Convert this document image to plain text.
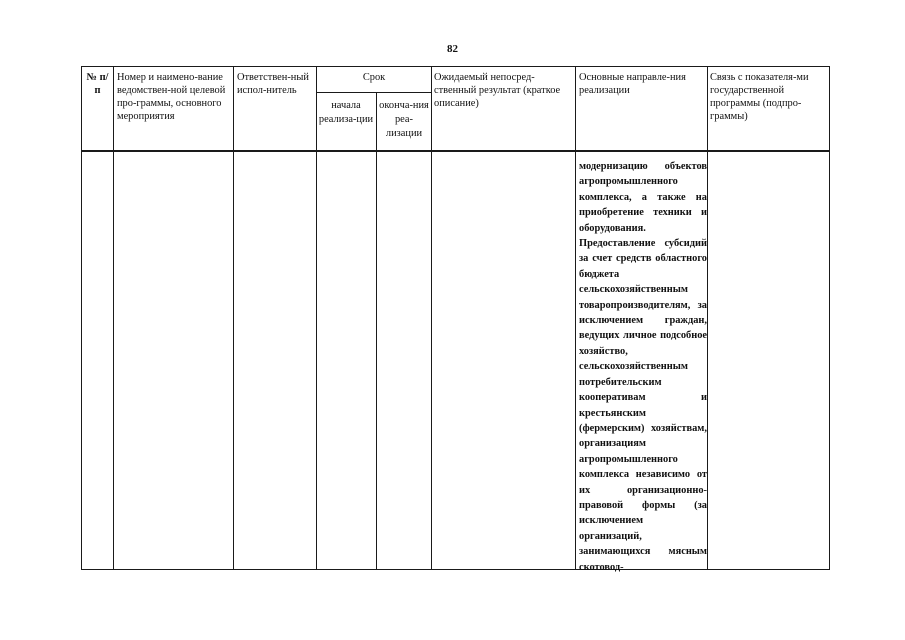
82
№ п/п
Номер и наимено-вание ведомствен-ной целевой про-граммы, основного мероприятия
Ответствен-ный испол-нитель
Срок
начала реализа-ции
оконча-ния реа-лизации
Ожидаемый непосред-ственный результат (краткое описание)
Основные направле-ния реализации
Связь с показателя-ми государственной программы (подпро-граммы)

модернизацию объектов агропромышленного комплекса, а также на приобретение техники и оборудования.

Предоставление субсидий за счет средств областного бюджета сельскохозяйственным товаропроизводителям, за исключением граждан, ведущих личное подсобное хозяйство, сельскохозяйственным потребительским кооперативам и крестьянским (фермерским) хозяйствам, организациям агропромышленного комплекса независимо от их организационно-правовой формы (за исключением организаций, занимающихся мясным скотовод-
